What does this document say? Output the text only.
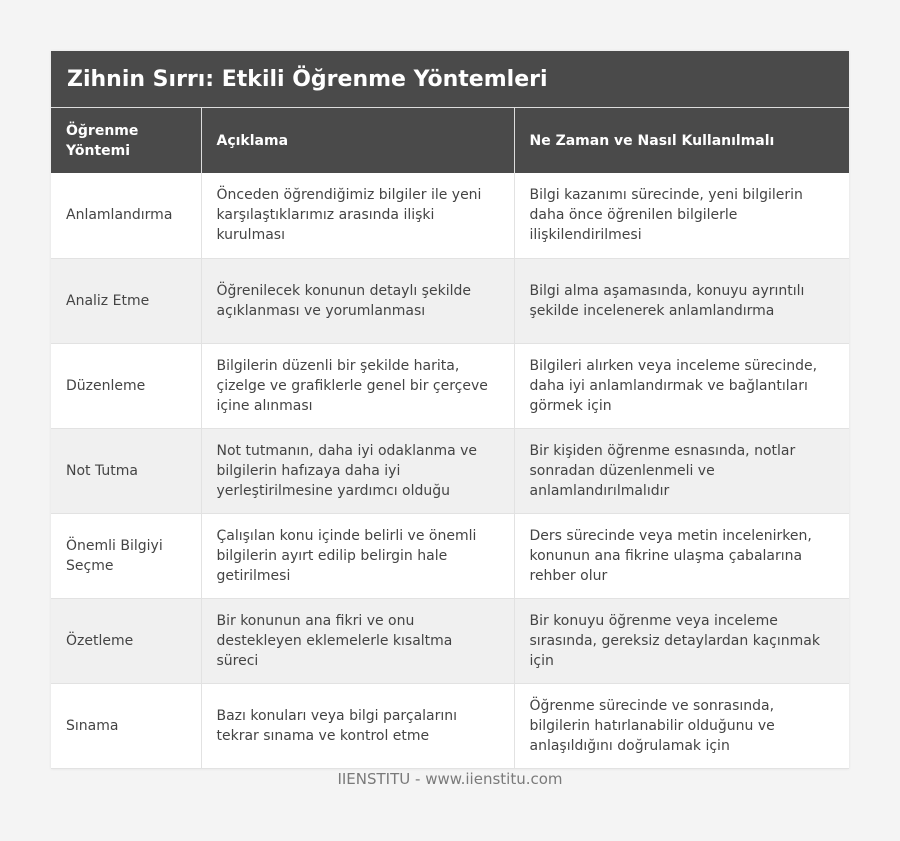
Zihnin Sırrı: Etkili Öğrenme Yöntemleri
Öğrenme Yöntemi	Açıklama	Ne Zaman ve Nasıl Kullanılmalı
Anlamlandırma	Önceden öğrendiğimiz bilgiler ile yeni karşılaştıklarımız arasında ilişki kurulması	Bilgi kazanımı sürecinde, yeni bilgilerin daha önce öğrenilen bilgilerle ilişkilendirilmesi
Analiz Etme	Öğrenilecek konunun detaylı şekilde açıklanması ve yorumlanması	Bilgi alma aşamasında, konuyu ayrıntılı şekilde incelenerek anlamlandırma
Düzenleme	Bilgilerin düzenli bir şekilde harita, çizelge ve grafiklerle genel bir çerçeve içine alınması	Bilgileri alırken veya inceleme sürecinde, daha iyi anlamlandırmak ve bağlantıları görmek için
Not Tutma	Not tutmanın, daha iyi odaklanma ve bilgilerin hafızaya daha iyi yerleştirilmesine yardımcı olduğu	Bir kişiden öğrenme esnasında, notlar sonradan düzenlenmeli ve anlamlandırılmalıdır
Önemli Bilgiyi Seçme	Çalışılan konu içinde belirli ve önemli bilgilerin ayırt edilip belirgin hale getirilmesi	Ders sürecinde veya metin incelenirken, konunun ana fikrine ulaşma çabalarına rehber olur
Özetleme	Bir konunun ana fikri ve onu destekleyen eklemelerle kısaltma süreci	Bir konuyu öğrenme veya inceleme sırasında, gereksiz detaylardan kaçınmak için
Sınama	Bazı konuları veya bilgi parçalarını tekrar sınama ve kontrol etme	Öğrenme sürecinde ve sonrasında, bilgilerin hatırlanabilir olduğunu ve anlaşıldığını doğrulamak için
IIENSTITU - www.iienstitu.com
